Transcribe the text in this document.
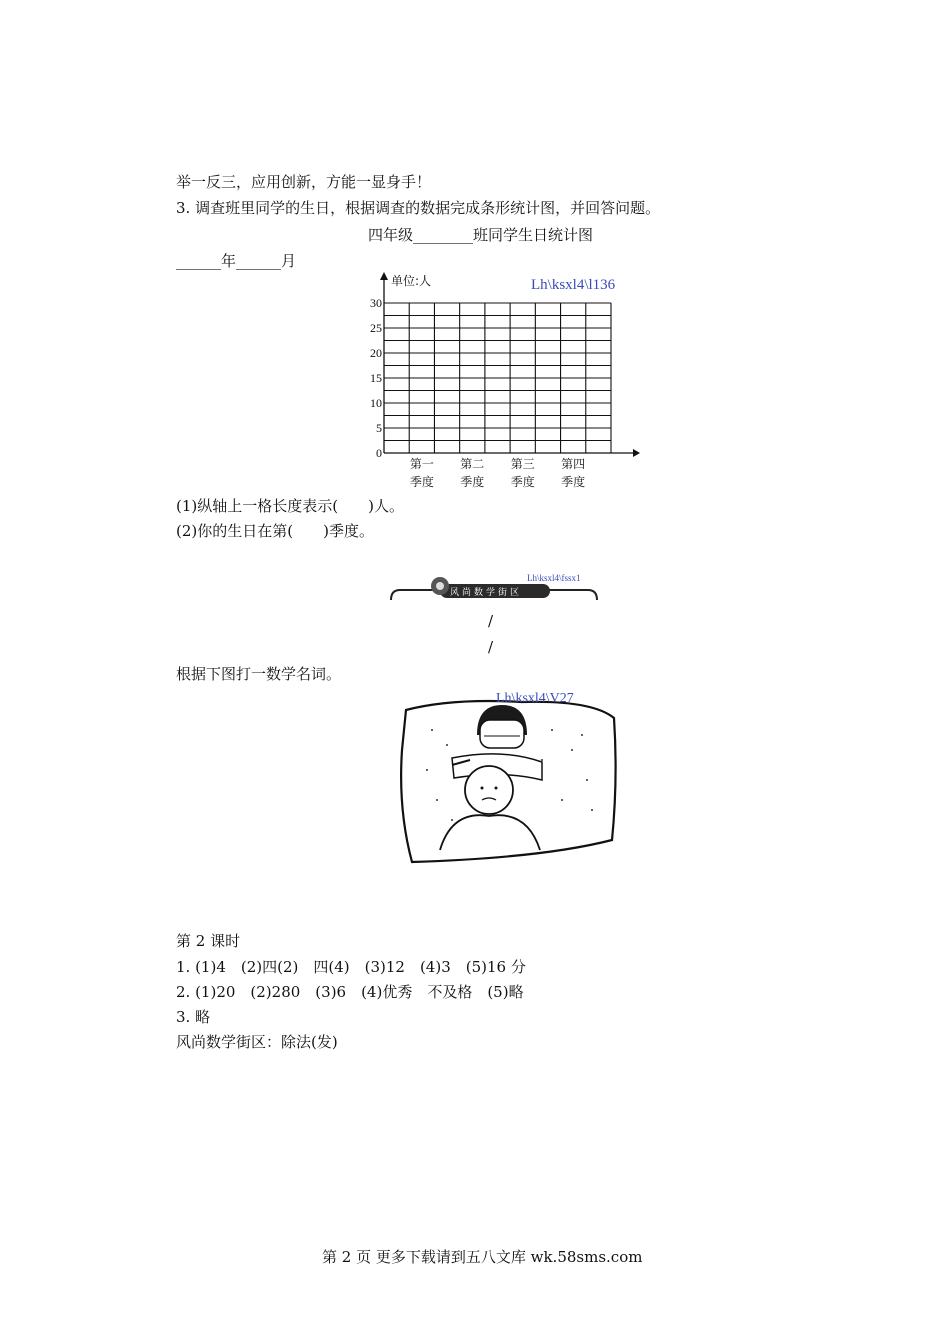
举一反三，应用创新，方能一显身手！
3. 调查班里同学的生日，根据调查的数据完成条形统计图，并回答问题。
四年级________班同学生日统计图
______年______月
单位:人	Lh\ksxl4\l136
30
25
20
15
10
5
0
第一
季度
第二
季度
第三
季度
第四
季度
(1)纵轴上一格长度表示(　　)人。
(2)你的生日在第(　　)季度。
风尚数学街区
Lh\ksxl4\fssx1
/
/
根据下图打一数学名词。
Lh\ksxl4\V27
第 2 课时
1. (1)4　(2)四(2)　四(4)　(3)12　(4)3　(5)16 分
2. (1)20　(2)280　(3)6　(4)优秀　不及格　(5)略
3. 略
风尚数学街区：除法(发)
第 2 页 更多下载请到五八文库 wk.58sms.com
